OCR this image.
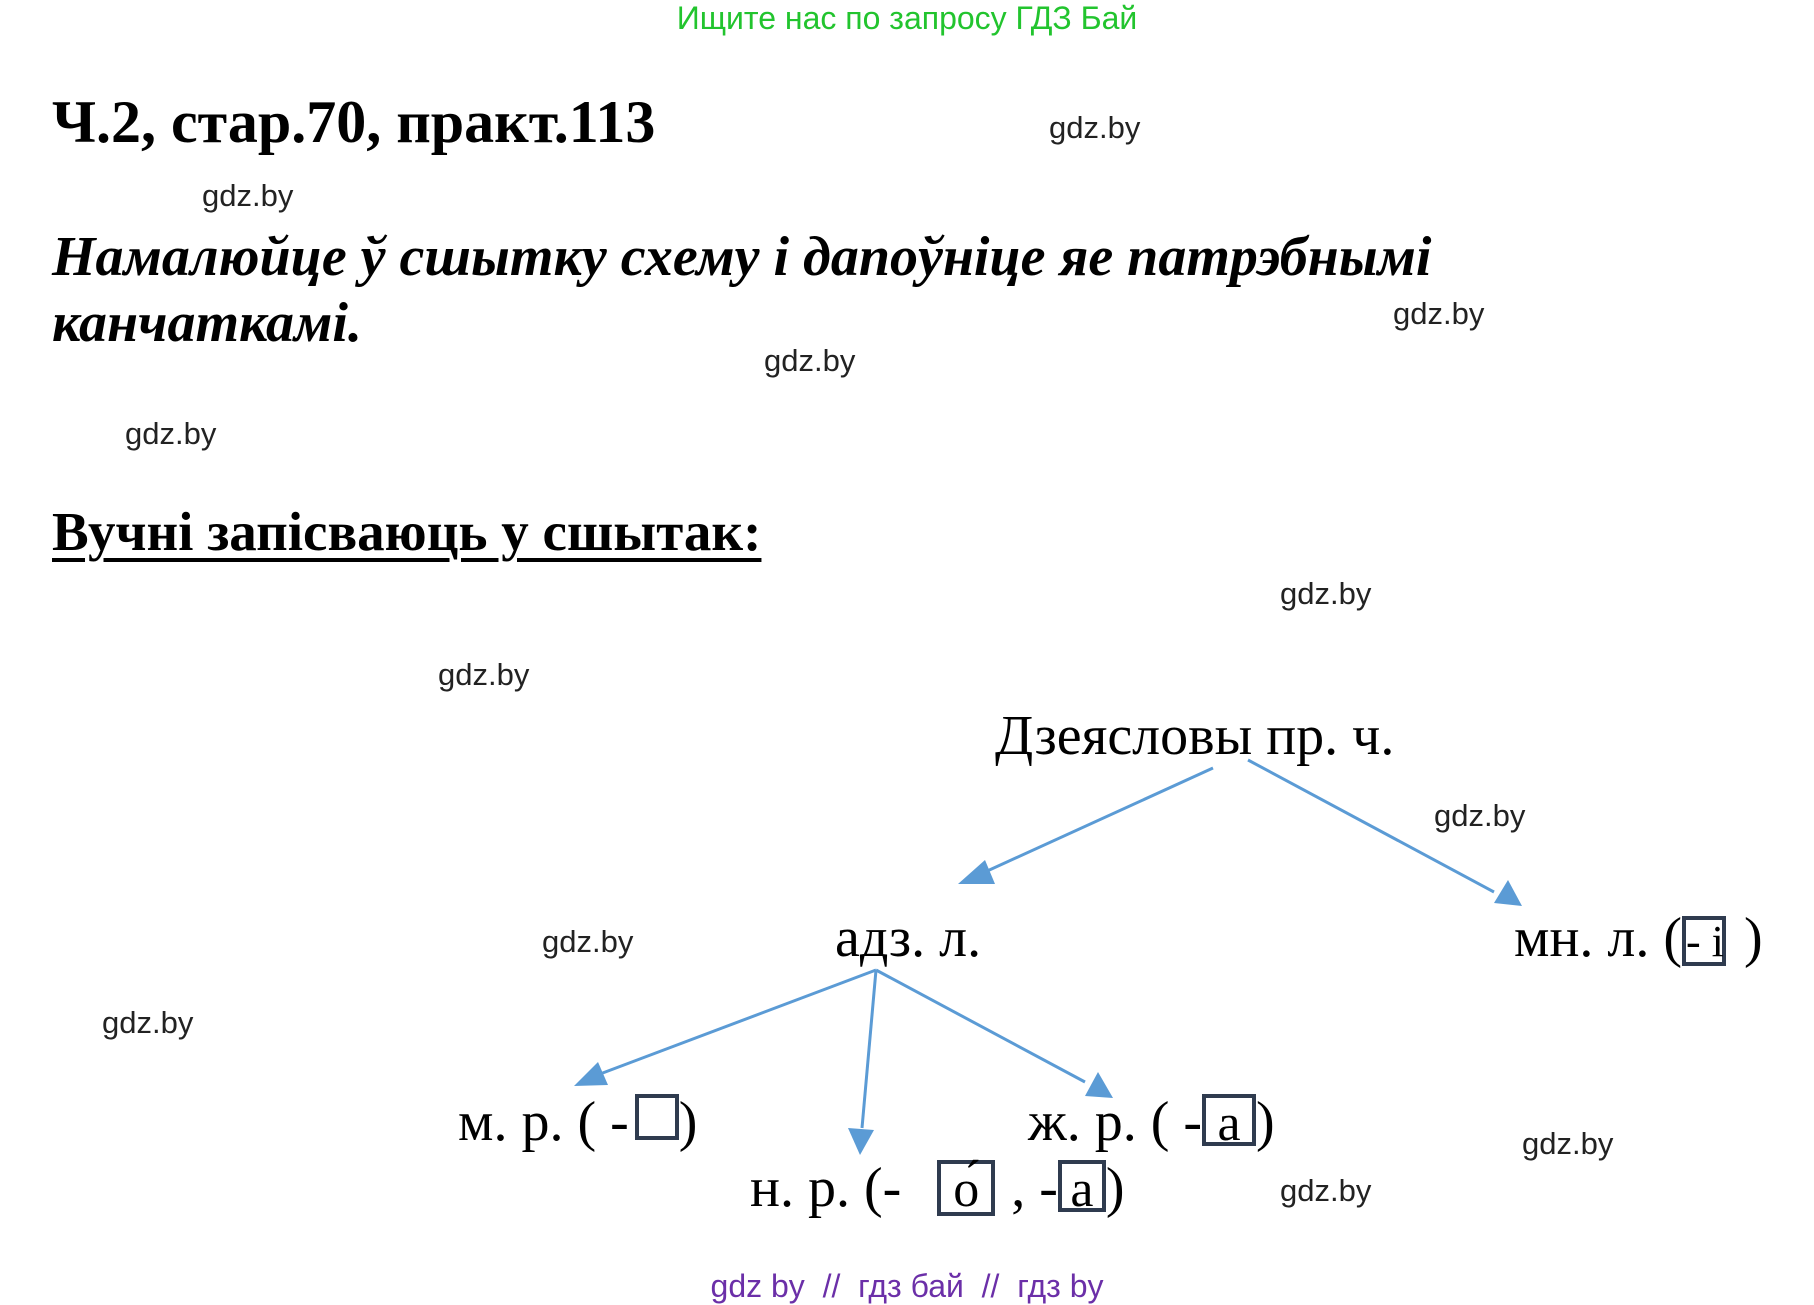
Ищите нас по запросу ГДЗ Бай
Ч.2, стар.70, практ.113
Намалюйце ў сшытку схему і дапоўніце яе патрэбнымі
канчаткамі.
Вучні запісваюць у сшытак:
gdz.by
gdz.by
gdz.by
gdz.by
gdz.by
gdz.by
gdz.by
gdz.by
gdz.by
gdz.by
gdz.by
gdz.by
Дзеясловы пр. ч.
адз. л.	мн. л. (- і )
м. р. ( - )	ж. р. ( - а )
н. р. (- о́ , - а )
gdz by  //  гдз бай  //  гдз by
